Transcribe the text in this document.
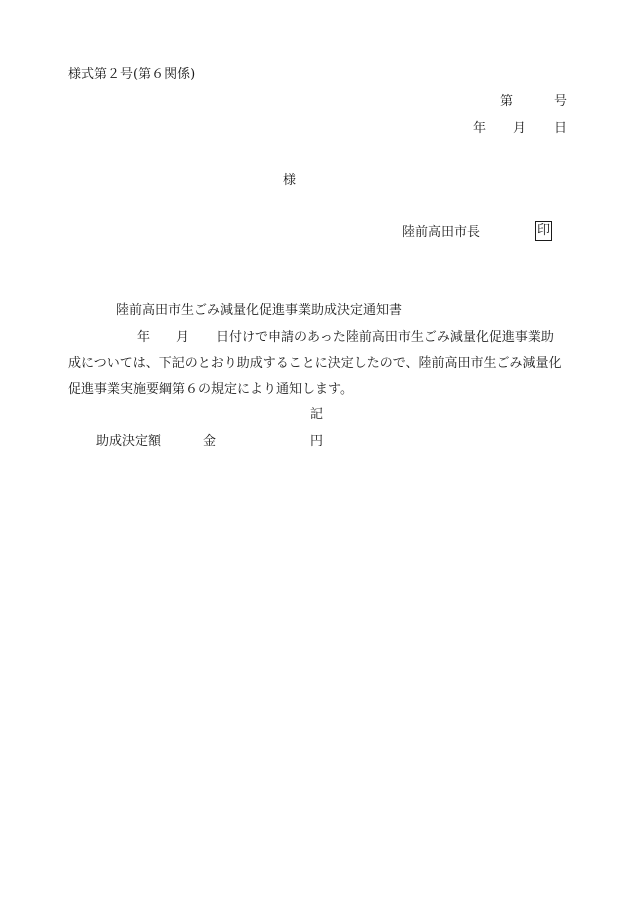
様式第２号(第６関係)
第	号
年 月 日
様
陸前高田市長	印
陸前高田市生ごみ減量化促進事業助成決定通知書
年 月 日付けで申請のあった陸前高田市生ごみ減量化促進事業助
成については、下記のとおり助成することに決定したので、陸前高田市生ごみ減量化
促進事業実施要綱第６の規定により通知します。
記
助成決定額	金	円
